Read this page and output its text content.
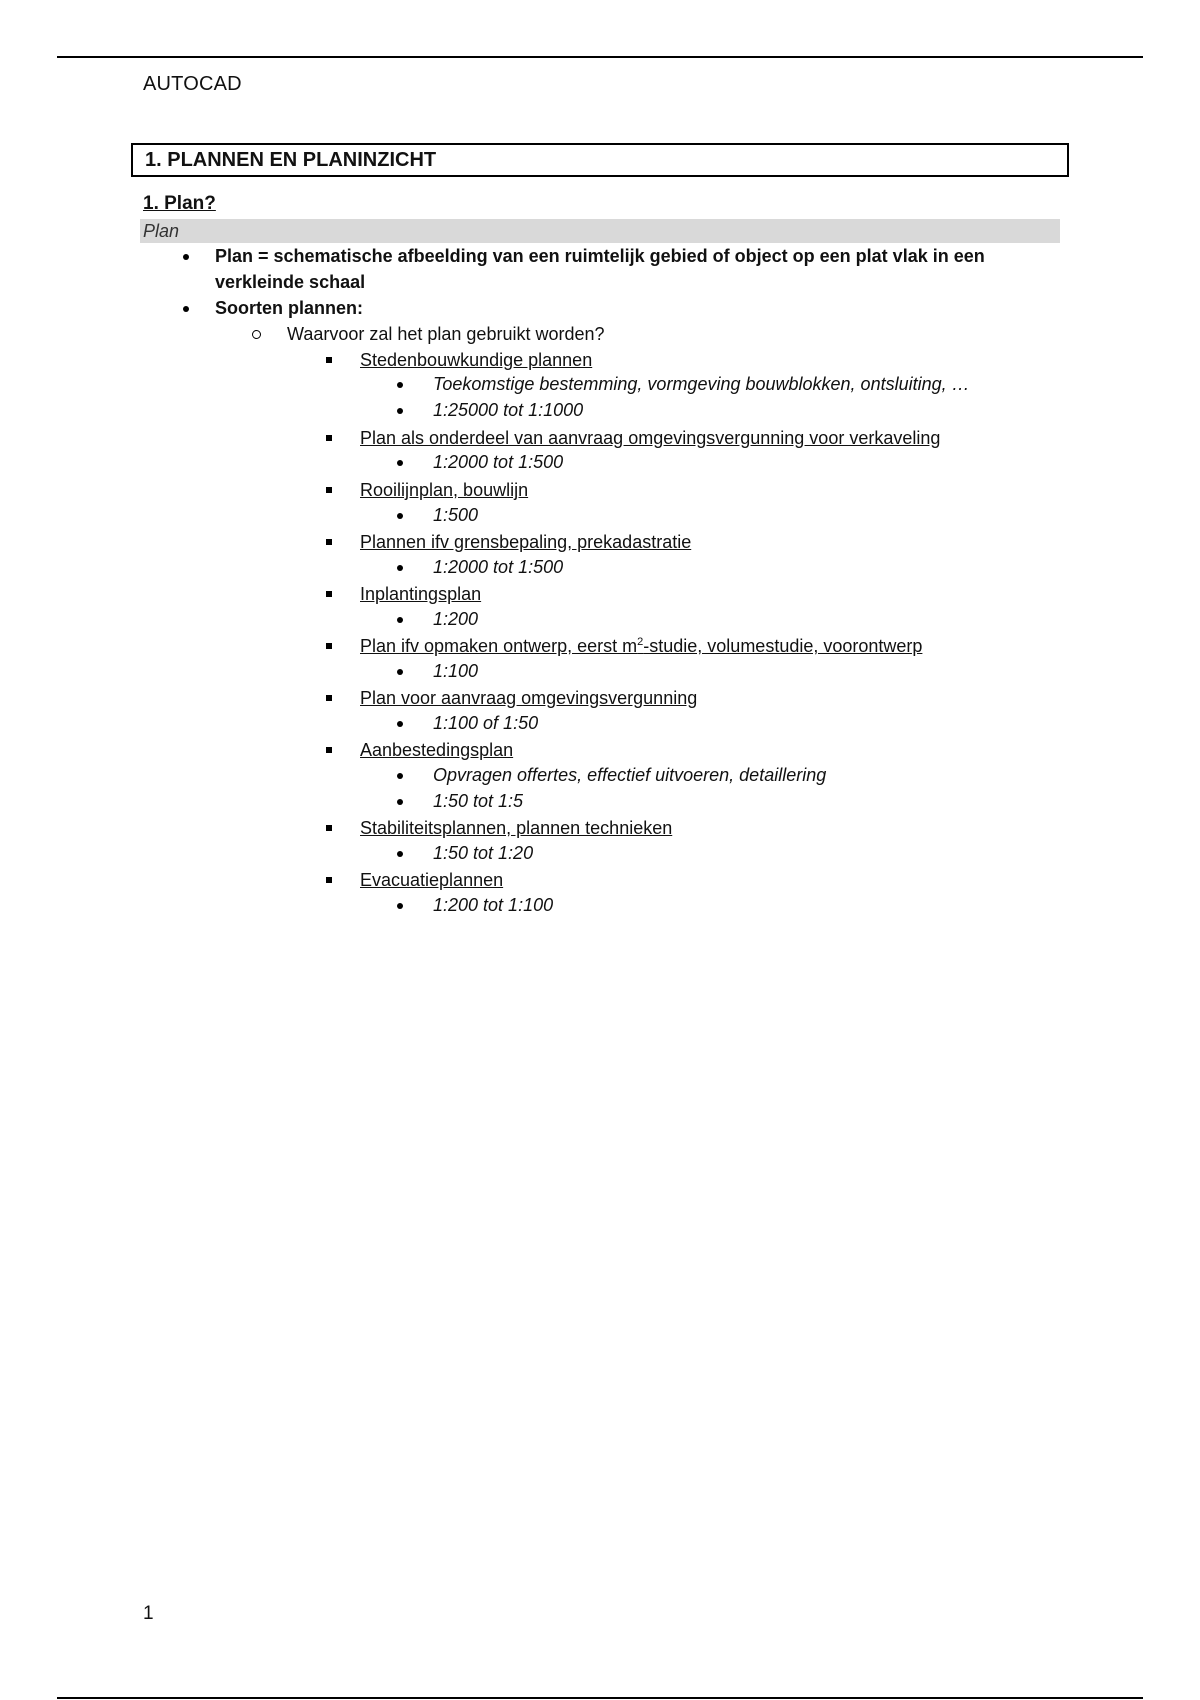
AUTOCAD
1. PLANNEN EN PLANINZICHT
1. Plan?
Plan
Plan = schematische afbeelding van een ruimtelijk gebied of object op een plat vlak in een
verkleinde schaal
Soorten plannen:
Waarvoor zal het plan gebruikt worden?
Stedenbouwkundige plannen
Toekomstige bestemming, vormgeving bouwblokken, ontsluiting, …
1:25000 tot 1:1000
Plan als onderdeel van aanvraag omgevingsvergunning voor verkaveling
1:2000 tot 1:500
Rooilijnplan, bouwlijn
1:500
Plannen ifv grensbepaling, prekadastratie
1:2000 tot 1:500
Inplantingsplan
1:200
Plan ifv opmaken ontwerp, eerst $m^2$-studie, volumestudie, voorontwerp
1:100
Plan voor aanvraag omgevingsvergunning
1:100 of 1:50
Aanbestedingsplan
Opvragen offertes, effectief uitvoeren, detaillering
1:50 tot 1:5
Stabiliteitsplannen, plannen technieken
1:50 tot 1:20
Evacuatieplannen
1:200 tot 1:100
1
